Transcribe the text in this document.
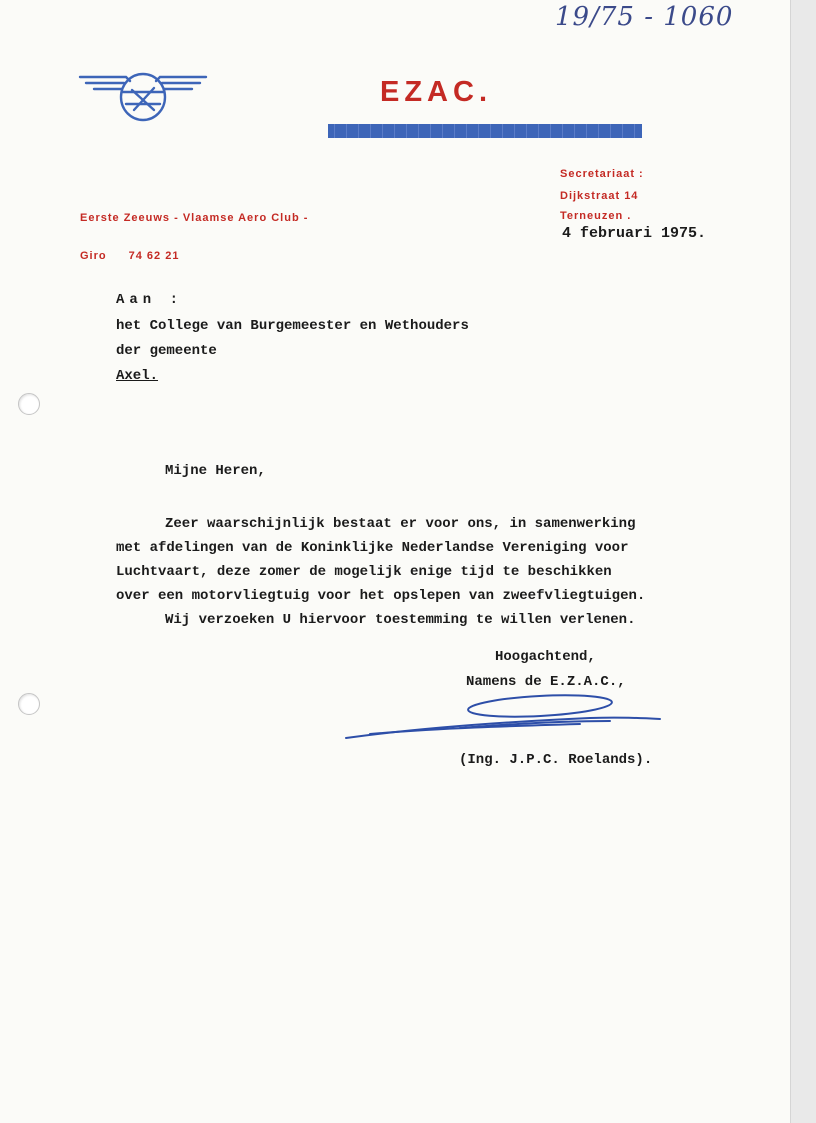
19/75 - 1060
EZAC.
Secretariaat :
Dijkstraat 14
Terneuzen .
Eerste Zeeuws - Vlaamse Aero Club -
Giro 74 62 21
4 februari 1975.
Aan :
het College van Burgemeester en Wethouders
der gemeente
Axel.
Mijne Heren,
Zeer waarschijnlijk bestaat er voor ons, in samenwerking
met afdelingen van de Koninklijke Nederlandse Vereniging voor
Luchtvaart, deze zomer de mogelijk enige tijd te beschikken
over een motorvliegtuig voor het opslepen van zweefvliegtuigen.
Wij verzoeken U hiervoor toestemming te willen verlenen.
Hoogachtend,
Namens de E.Z.A.C.,
(Ing. J.P.C. Roelands).
